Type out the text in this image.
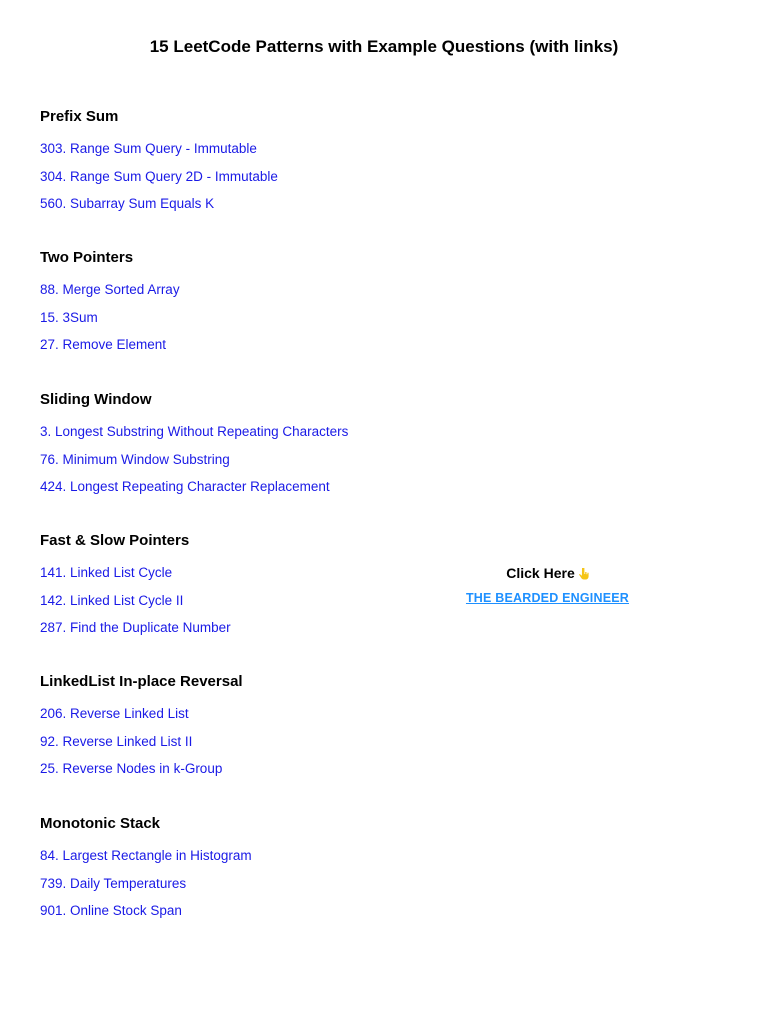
15 LeetCode Patterns with Example Questions (with links)
Prefix Sum
303. Range Sum Query - Immutable
304. Range Sum Query 2D - Immutable
560. Subarray Sum Equals K
Two Pointers
88. Merge Sorted Array
15. 3Sum
27. Remove Element
Sliding Window
3. Longest Substring Without Repeating Characters
76. Minimum Window Substring
424. Longest Repeating Character Replacement
Fast & Slow Pointers
141. Linked List Cycle
142. Linked List Cycle II
287. Find the Duplicate Number
LinkedList In-place Reversal
206. Reverse Linked List
92. Reverse Linked List II
25. Reverse Nodes in k-Group
Monotonic Stack
84. Largest Rectangle in Histogram
739. Daily Temperatures
901. Online Stock Span
Click Here
THE BEARDED ENGINEER
